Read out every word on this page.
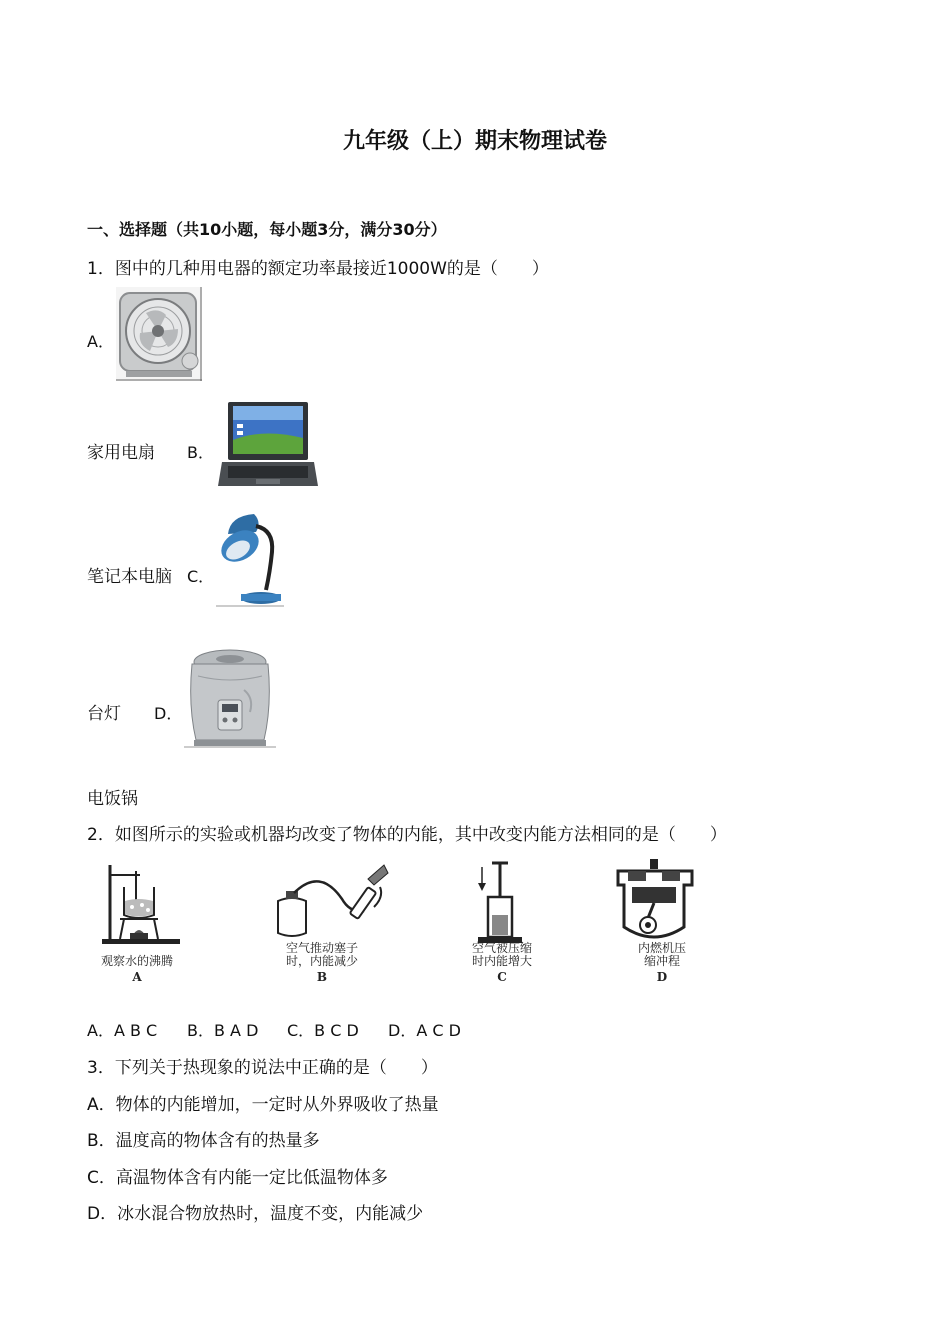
九年级（上）期末物理试卷
一、选择题（共10小题，每小题3分，满分30分）
1．图中的几种用电器的额定功率最接近1000W的是（　　）
A．
家用电扇 B．
笔记本电脑 C．
台灯 D．
电饭锅
2．如图所示的实验或机器均改变了物体的内能，其中改变内能方法相同的是（　　）
观察水的沸腾
A
空气推动塞子
时，内能减少
B
空气被压缩
时内能增大
C
内燃机压
缩冲程
D
A．A B C B．B A D C．B C D D．A C D
3．下列关于热现象的说法中正确的是（　　）
A．物体的内能增加，一定时从外界吸收了热量
B．温度高的物体含有的热量多
C．高温物体含有内能一定比低温物体多
D．冰水混合物放热时，温度不变，内能减少
